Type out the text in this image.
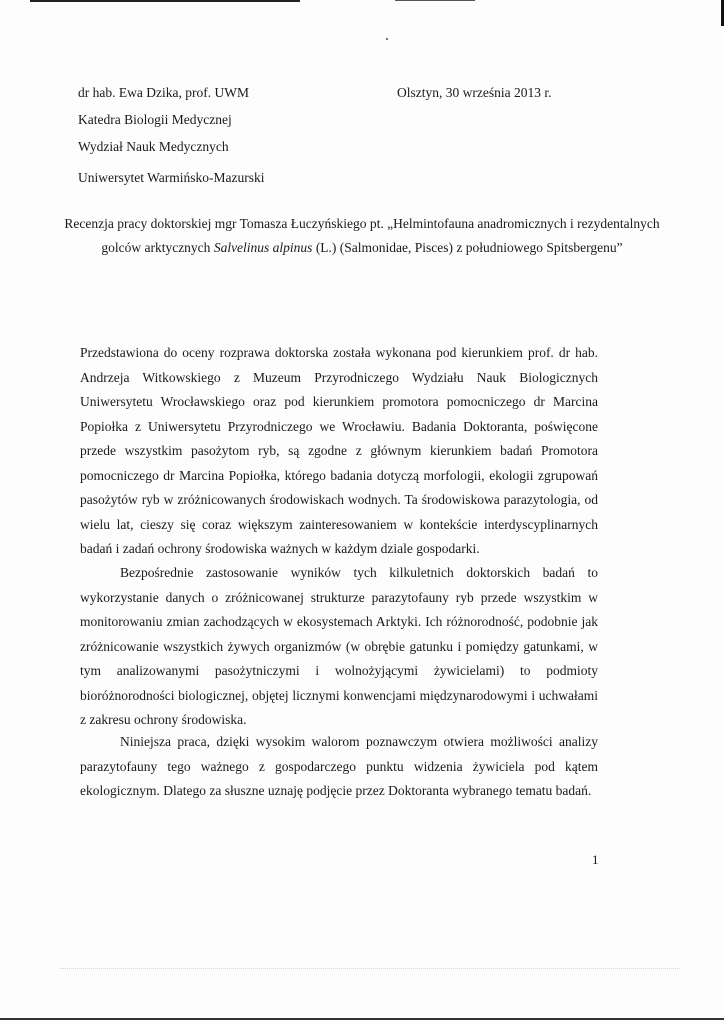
dr hab. Ewa Dzika, prof. UWM
Katedra Biologii Medycznej
Wydział Nauk Medycznych
Uniwersytet Warmińsko-Mazurski
Olsztyn, 30 września 2013 r.
Recenzja pracy doktorskiej mgr Tomasza Łuczyńskiego pt. „Helmintofauna anadromicznych i rezydentalnych golców arktycznych Salvelinus alpinus (L.) (Salmonidae, Pisces) z południowego Spitsbergenu”
Przedstawiona do oceny rozprawa doktorska została wykonana pod kierunkiem prof. dr hab. Andrzeja Witkowskiego z Muzeum Przyrodniczego Wydziału Nauk Biologicznych Uniwersytetu Wrocławskiego oraz pod kierunkiem promotora pomocniczego dr Marcina Popiołka z Uniwersytetu Przyrodniczego we Wrocławiu. Badania Doktoranta, poświęcone przede wszystkim pasożytom ryb, są zgodne z głównym kierunkiem badań Promotora pomocniczego dr Marcina Popiołka, którego badania dotyczą morfologii, ekologii zgrupowań pasożytów ryb w zróżnicowanych środowiskach wodnych. Ta środowiskowa parazytologia, od wielu lat, cieszy się coraz większym zainteresowaniem w kontekście interdyscyplinarnych badań i zadań ochrony środowiska ważnych w każdym dziale gospodarki.
Bezpośrednie zastosowanie wyników tych kilkuletnich doktorskich badań to wykorzystanie danych o zróżnicowanej strukturze parazytofauny ryb przede wszystkim w monitorowaniu zmian zachodzących w ekosystemach Arktyki. Ich różnorodność, podobnie jak zróżnicowanie wszystkich żywych organizmów (w obrębie gatunku i pomiędzy gatunkami, w tym analizowanymi pasożytniczymi i wolnożyjącymi żywicielami) to podmioty bioróżnorodności biologicznej, objętej licznymi konwencjami międzynarodowymi i uchwałami z zakresu ochrony środowiska.
Niniejsza praca, dzięki wysokim walorom poznawczym otwiera możliwości analizy parazytofauny tego ważnego z gospodarczego punktu widzenia żywiciela pod kątem ekologicznym. Dlatego za słuszne uznaję podjęcie przez Doktoranta wybranego tematu badań.
1
